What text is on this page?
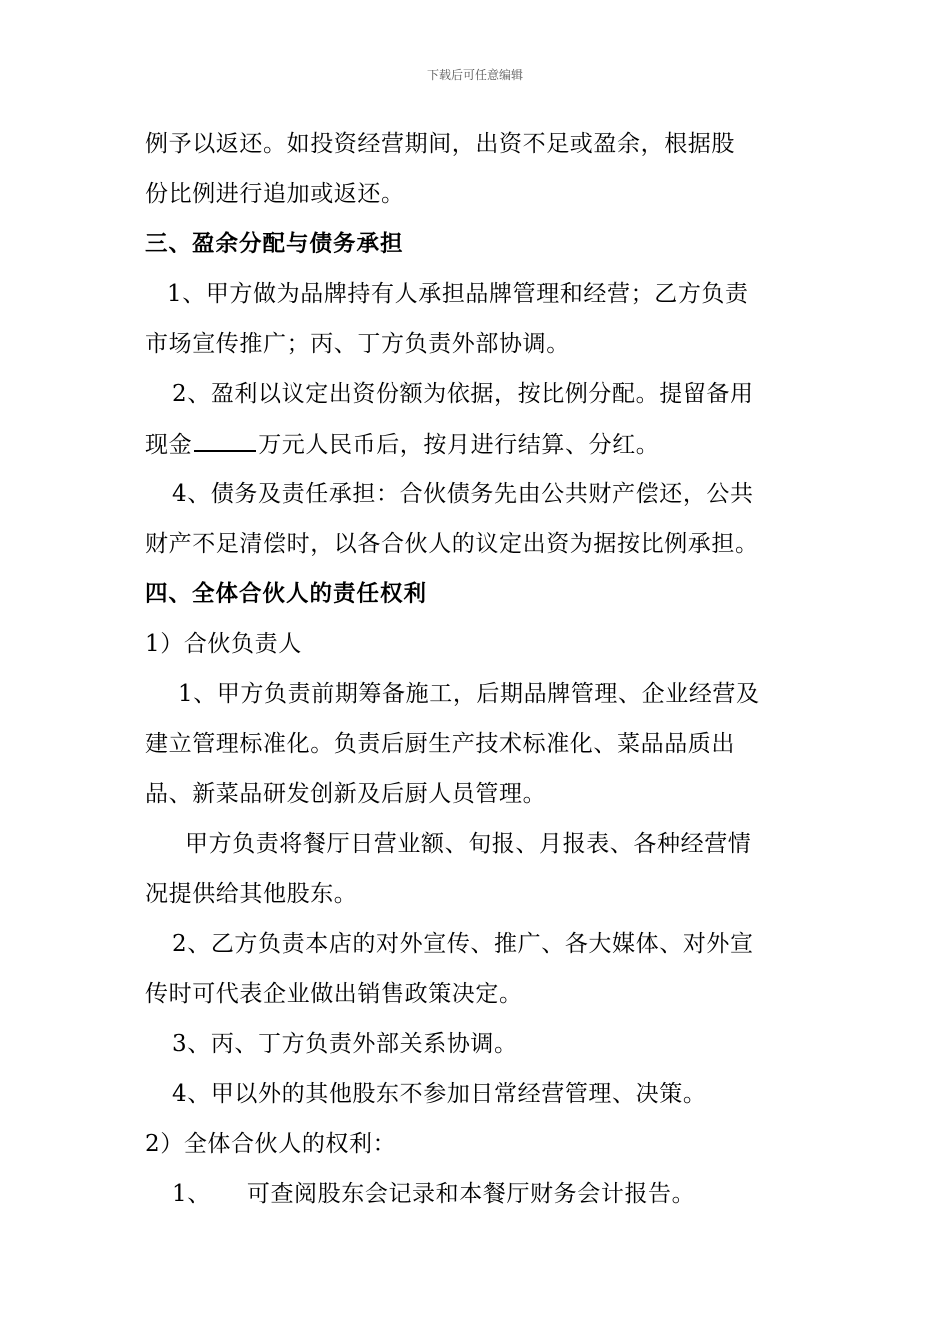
下载后可任意编辑
例予以返还。如投资经营期间，出资不足或盈余，根据股
份比例进行追加或返还。
三、盈余分配与债务承担
1、甲方做为品牌持有人承担品牌管理和经营；乙方负责
市场宣传推广；丙、丁方负责外部协调。
2、盈利以议定出资份额为依据，按比例分配。提留备用
现金	万元人民币后，按月进行结算、分红。
4、债务及责任承担：合伙债务先由公共财产偿还，公共
财产不足清偿时，以各合伙人的议定出资为据按比例承担。
四、全体合伙人的责任权利
1）合伙负责人
1、甲方负责前期筹备施工，后期品牌管理、企业经营及
建立管理标准化。负责后厨生产技术标准化、菜品品质出
品、新菜品研发创新及后厨人员管理。
甲方负责将餐厅日营业额、旬报、月报表、各种经营情
况提供给其他股东。
2、乙方负责本店的对外宣传、推广、各大媒体、对外宣
传时可代表企业做出销售政策决定。
3、丙、丁方负责外部关系协调。
4、甲以外的其他股东不参加日常经营管理、决策。
2）全体合伙人的权利：
1、 可查阅股东会记录和本餐厅财务会计报告。
